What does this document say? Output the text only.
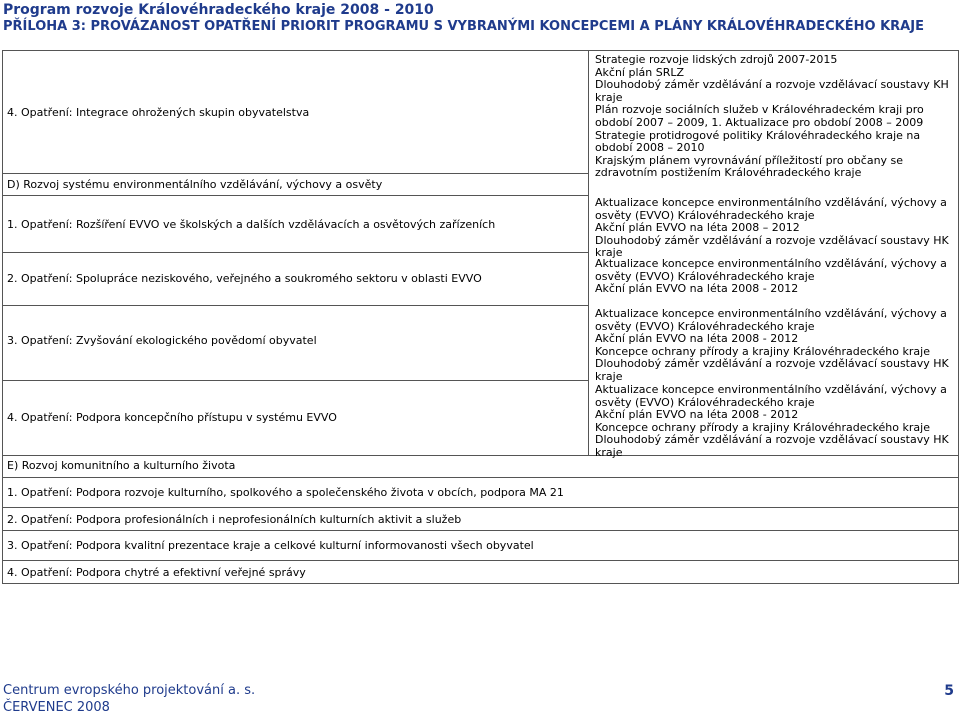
Program rozvoje Královéhradeckého kraje 2008 - 2010
PŘÍLOHA 3: PROVÁZANOST OPATŘENÍ PRIORIT PROGRAMU S VYBRANÝMI KONCEPCEMI A PLÁNY KRÁLOVÉHRADECKÉHO KRAJE
4. Opatření: Integrace ohrožených skupin obyvatelstva

Strategie rozvoje lidských zdrojů 2007-2015

Akční plán SRLZ

Dlouhodobý záměr vzdělávání a rozvoje vzdělávací soustavy KH kraje

Plán rozvoje sociálních služeb v Královéhradeckém kraji pro období 2007 – 2009, 1. Aktualizace pro období 2008 – 2009

Strategie protidrogové politiky Královéhradeckého kraje na období 2008 – 2010

Krajským plánem vyrovnávání příležitostí pro občany se zdravotním postižením Královéhradeckého kraje

D) Rozvoj systému environmentálního vzdělávání, výchovy a osvěty
1. Opatření: Rozšíření EVVO ve školských a dalších vzdělávacích a osvětových zařízeních

Aktualizace koncepce environmentálního vzdělávání, výchovy a osvěty (EVVO) Královéhradeckého kraje

Akční plán EVVO na léta 2008 – 2012

Dlouhodobý záměr vzdělávání a rozvoje vzdělávací soustavy HK kraje

2. Opatření: Spolupráce neziskového, veřejného a soukromého sektoru v oblasti EVVO

Aktualizace koncepce environmentálního vzdělávání, výchovy a osvěty (EVVO) Královéhradeckého kraje

Akční plán EVVO na léta 2008 - 2012

3. Opatření: Zvyšování ekologického povědomí obyvatel

Aktualizace koncepce environmentálního vzdělávání, výchovy a osvěty (EVVO) Královéhradeckého kraje

Akční plán EVVO na léta 2008 - 2012

Koncepce ochrany přírody a krajiny Královéhradeckého kraje

Dlouhodobý záměr vzdělávání a rozvoje vzdělávací soustavy HK kraje

4. Opatření: Podpora koncepčního přístupu v systému EVVO

Aktualizace koncepce environmentálního vzdělávání, výchovy a osvěty (EVVO) Královéhradeckého kraje

Akční plán EVVO na léta 2008 - 2012

Koncepce ochrany přírody a krajiny Královéhradeckého kraje

Dlouhodobý záměr vzdělávání a rozvoje vzdělávací soustavy HK kraje

E) Rozvoj komunitního a kulturního života
1. Opatření: Podpora rozvoje kulturního, spolkového a společenského života v obcích, podpora MA 21
2. Opatření: Podpora profesionálních i neprofesionálních kulturních aktivit a služeb
3. Opatření: Podpora kvalitní prezentace kraje a celkové kulturní informovanosti všech obyvatel
4. Opatření: Podpora chytré a efektivní veřejné správy
Centrum evropského projektování a. s.
ČERVENEC 2008
5
